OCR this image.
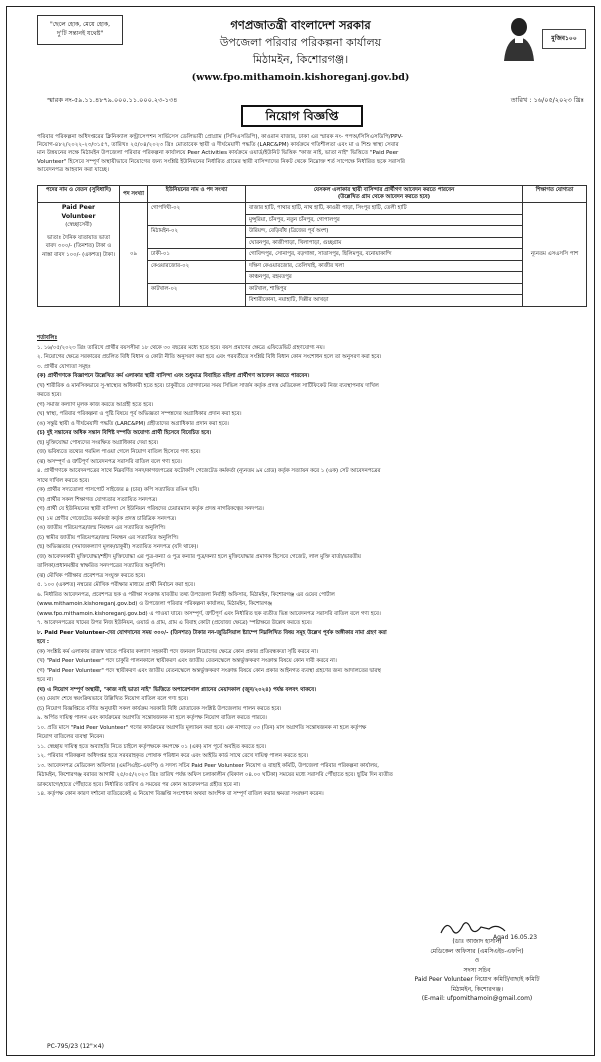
"ছেলে হোক, মেয়ে হোক,
দু'টি সন্তানই যথেষ্ট"
গণপ্রজাতন্ত্রী বাংলাদেশ সরকার
উপজেলা পরিবার পরিকল্পনা কার্যালয়
মিঠামইন, কিশোরগঞ্জ।
(www.fpo.mithamoin.kishoreganj.gov.bd)
মুজিব১০০
স্মারক নং-৫৯.১১.৪৮৭৯.০০০.১১.০০০.২৩-১৩৪	তারিখ : ১৬/০৫/২০২৩ খ্রিঃ
নিয়োগ বিজ্ঞপ্তি
পরিবার পরিকল্পনা অধিদপ্তরের ক্লিনিক্যাল কন্ট্রাসেপশন সার্ভিসেস ডেলিভারী প্রোগ্রাম (সিসিএসডিপি), কাওরান বাজার, ঢাকা এর স্মারক নং- পপঅ/সিসিএসডিপি/PPV-
নিয়োগ-৪৮২/২০২২-২৩/৩১৫৭, তারিখঃ ২৫/০৪/২০২৩ খ্রিঃ মোতাবেক স্থায়ী ও দীর্ঘমেয়াদী পদ্ধতি (LARC&PM) কার্যক্রমে গতিশীলতা এবং মা ও শিশু স্বাস্থ্য সেবার
মান উন্নয়নের লক্ষে মিঠামইন উপজেলা পরিবার পরিকল্পনা কার্যালয়ে Peer Activities কার্যক্রমে ওয়ার্ড/ইউনিট ভিত্তিক "কাজ নাই, ভাতা নাই" ভিত্তিতে "Paid Peer
Volunteer" হিসেবে সম্পূর্ণ অস্থায়ীভাবে নিয়োগের জন্য সংশ্লিষ্ট ইউনিয়নের নির্ধারিত গ্রামের স্থায়ী বাসিন্দাদের নিকট থেকে নিম্নোক্ত শর্ত সাপেক্ষে নির্ধারিত ছকে সরাসরি
আবেদনপত্র আহবান করা যাচ্ছে।
পদের নাম ও বেতন (সুবিধাদি)	পদ সংখ্যা	ইউনিয়নের নাম ও পদ সংখ্যা	যেসকল এলাকার স্থায়ী বাসিন্দার প্রার্থীগণ আবেদন করতে পারবেন
(উল্লেখিত গ্রাম থেকে আবেদন করতে হবে)	শিক্ষাগত যোগ্যতা

Paid Peer
Volunteer
(স্বেচ্ছাসেবী)
ভাতাঃ দৈনিক যাতায়াত ভাতা বাবদ ৩০০/- (তিনশত) টাকা ও নাস্তা বাবদ ১০০/- (একশত) টাকা।	০৯	গোপদিঘী-০২	বাজার হাটি, পাথার হাটি, নাথ হাটি, কাওরী পাড়া, সিংপুর হাটি, তেলী হাটি	ন্যূনতম এসএসসি পাশ
			মুন্সুরিয়া, চাঁনপুর, নতুন চাঁনপুর, গোপালপুর	
		মিঠামইন-০২	উরিয়ন্দ, বেড়িবাঁধ (ব্রিজের পূর্ব অংশ)	
			ঘোরনপুর, কাজীপাড়া, খিলাপাড়া, গুচ্ছগ্রাম	
		ঢাকী-০১	গোবিন্দপুর, সোনাপুর, বড়গাঙ্গা, সাতাসপুর, ছিলিমপুর, বনোয়াকান্দি	
		কেওয়ারজোর-০২	দক্ষিণ কেওয়ারজোর, তেলিখাই, কাজীর খলা	
			কাঞ্চনপুর, রহমতপুর	
		কাটখাল-০২	কাটখাল, শান্তিপুর	
			বিশারীকোনা, নয়াহাটি, দিল্লীর আখড়া	

শর্তাবলিঃ

১. ১৬/০৫/২০২৩ খ্রিঃ তারিখে প্রার্থীর বয়সসীমা ১৮ থেকে ৩০ বছরের মধ্যে হতে হবে। বয়স প্রমাণের ক্ষেত্রে এফিডেভিট গ্রহণযোগ্য নয়।

২. নিয়োগের ক্ষেত্রে সরকারের প্রচলিত বিধি বিধান ও কোটা নীতি অনুসরণ করা হবে এবং পরবর্তীতে সংশ্লিষ্ট বিধি বিধান কোন সংশোধন হলে তা অনুসরণ করা হবে।

৩. প্রার্থীর যোগ্যতা সমূহঃ

(ক) প্রার্থীগণকে বিজ্ঞাপনে উল্লেখিত কর্ম এলাকার স্থায়ী বাসিন্দা এবং শুধুমাত্র বিবাহিত মহিলা প্রার্থীগণ আবেদন করতে পারবেন।

(খ) শারীরিক ও মানসিকভাবে সু-স্বাস্থ্যের অধিকারী হতে হবে। চাকুরীতে যোগদানের সময় সিভিল সার্জন কর্তৃক প্রদত্ত মেডিকেল সার্টিফিকেট নিজ ব্যবস্থাপনায় দাখিল

করতে হবে।

(গ) সমাজ কল্যাণ মূলক কাজ করতে আগ্রহী হতে হবে।

(ঘ) স্বাস্থ্য, পরিবার পরিকল্পনা ও পুষ্টি বিষয়ে পূর্ব অভিজ্ঞতা সম্পন্নদের অগ্রাধিকার প্রদান করা হবে।

(ঙ) সন্তুষ্ট স্থায়ী ও দীর্ঘমেয়াদী পদ্ধতি (LARC&PM) গ্রহীতাদের অগ্রাধিকার প্রদান করা হবে।

(চ) দুই সন্তানের অধিক সন্তান বিশিষ্ট দম্পতি অযোগ্য প্রার্থী হিসেবে বিবেচিত হবে।

(ছ) মুক্তিযোদ্ধা পোষ্যদের সংরক্ষিত অগ্রাধিকার দেয়া হবে।

(জ) ভবিষ্যতে তথ্যের গরমিল পাওয়া গেলে নিয়োগ বাতিল হিসেবে গণ্য হবে।

(ঝ) অসম্পূর্ণ ও ত্রুটিপূর্ণ আবেদনপত্র সরাসরি বাতিল বলে গণ্য হবে।

৪. প্রার্থীগণকে আবেদনপত্রের সাথে নিম্নবর্ণিত সনদ/কাগজপত্রের ফটোকপি গেজেটেড কর্মকর্তা (ন্যূনতম ৯ম গ্রেড) কর্তৃক সত্যায়ন করে ১ (এক) সেট আবেদনপত্রের

সাথে দাখিল করতে হবে।

(ক) প্রার্থীর সদ্যতোলা পাসপোর্ট সাইজের ৪ (চার) কপি সত্যায়িত রঙিন ছবি।

(খ) প্রার্থীর সকল শিক্ষাগত যোগ্যতার সত্যায়িত সনদপত্র।

(গ) প্রার্থী যে ইউনিয়নের স্থায়ী বাসিন্দা সে ইউনিয়ন পরিষদের চেয়ারম্যান কর্তৃক প্রদত্ত নাগরিকত্বের সনদপত্র।

(ঘ) ১ম শ্রেণীর গেজেটেড কর্মকর্তা কর্তৃক প্রদত্ত চারিত্রিক সনদপত্র।

(ঙ) জাতীয় পরিচয়পত্র/জন্ম নিবন্ধন এর সত্যায়িত অনুলিপি।

(চ) স্বামীর জাতীয় পরিচয়পত্র/জন্ম নিবন্ধন এর সত্যায়িত অনুলিপি।

(ছ) অভিজ্ঞতার (সমাজকল্যাণ মূলক/চাকুরী) সত্যায়িত সনদপত্র (যদি থাকে)।

(জ) আবেদনকারী মুক্তিযোদ্ধা/শহীদ মুক্তিযোদ্ধা এর পুত্র-কন্যা ও পুত্র কন্যার পুত্র/কন্যা হলে মুক্তিযোদ্ধার প্রমাণক হিসেবে গেজেট, লাল মুক্তি বার্তা/ভারতীয়

তালিকা/প্রধানমন্ত্রীর স্বাক্ষরিত সনদপত্রের সত্যায়িত অনুলিপি।

(ঝ) মৌখিক পরীক্ষার প্রবেশপত্র সংযুক্ত করতে হবে।

৫. ১০০ (একশত) নম্বরের মৌখিক পরীক্ষার মাধ্যমে প্রার্থী নির্বাচন করা হবে।

৬. নির্ধারিত আবেদনপত্র, প্রবেশপত্র ছক ও পরীক্ষা সংক্রান্ত যাবতীয় তথ্য উপজেলা নির্বাহী অফিসার, মিঠামইন, কিশোরগঞ্জ এর ওয়েব পোর্টাল

(www.mithamoin.kishoreganj.gov.bd) ও উপজেলা পরিবার পরিকল্পনা কার্যালয়, মিঠামইন, কিশোরগঞ্জ

(www.fpo.mithamoin.kishoreganj.gov.bd) এ পাওয়া যাবে। অসম্পূর্ণ, ত্রুটিপূর্ণ এবং নির্ধারিত ছক ব্যতীত ভিন্ন আবেদনপত্র সরাসরি বাতিল বলে গণ্য হবে।

৭. আবেদনপত্রের খামের উপর নিজ ইউনিয়ন, ওয়ার্ড ও গ্রাম, গ্রাম এ বিবাহ কোটা (প্রযোজ্য ক্ষেত্রে) স্পষ্টাক্ষরে উল্লেখ করতে হবে।

৮. Paid Peer Volunteer-দের যোগদানের সময় ৩০০/- (তিনশত) টাকার নন-জুডিসিয়াল ষ্ট্যাম্পে নিম্নলিখিত বিষয় সমূহ উল্লেখ পূর্বক অঙ্গীকার নামা গ্রহণ করা

হবে :

(ক) সংশ্লিষ্ট কর্ম এলাকায় রাজস্ব খাতে পরিবার কল্যাণ সহকারী পদে জনবল নিয়োগের ক্ষেত্রে কোন প্রকার প্রতিবন্ধকতা সৃষ্টি করবে না।

(খ) "Paid Peer Volunteer" পদে চাকুরি পালনকালে স্থায়ীকরণ এবং জাতীয় বেতনস্কেলে অন্তর্ভুক্তকরণ সংক্রান্ত বিষয়ে কোন দাবী করবে না।

(গ) "Paid Peer Volunteer" পদে স্থায়ীকরণ এবং জাতীয় বেতনস্কেলে অন্তর্ভুক্তকরণ সংক্রান্ত বিষয়ে কোন প্রকার আইনগত ব্যবস্থা গ্রহণের জন্য আদালতের দ্বারস্থ

হবে না।

(ঘ) এ নিয়োগ সম্পূর্ণ অস্থায়ী, "কাজ নাই ভাতা নাই" ভিত্তিতে অপারেশনাল প্ল্যানের মেয়াদকাল (জুন/২০২৪) পর্যন্ত বলবৎ থাকবে।

(ঙ) মেয়াদ শেষে স্বয়ংক্রিয়ভাবে উল্লিখিত নিয়োগ বাতিল বলে গণ্য হবে।

(চ) নিয়োগ বিজ্ঞপ্তিতে বর্ণিত অনুযায়ী সকল কার্যক্রম সরকারি বিধি মোতাবেক সংশ্লিষ্ট উপজেলায় পালন করতে হবে।

৯. অর্পিত দায়িত্ব পালন এবং কার্যক্রমের অগ্রগতি সন্তোষজনক না হলে কর্তৃপক্ষ নিয়োগ বাতিল করতে পারবে।

১০. প্রতি মাসে "Paid Peer Volunteer" গণের কার্যক্রমের অগ্রগতি মূল্যায়ন করা হবে। এক নাগাড়ে ০৩ (তিন) মাস অগ্রগতি সন্তোষজনক না হলে কর্তৃপক্ষ

নিয়োগ বাতিলের ব্যবস্থা নিবেন।

১১. স্বেচ্ছায় দায়িত্ব হতে অব্যাহতি নিতে চাইলে কর্তৃপক্ষকে কমপক্ষে ০১ (এক) মাস পূর্বে অবহিত করতে হবে।

১২. পরিবার পরিকল্পনা অধিদপ্তর হতে সরবরাহকৃত পোষাক পরিধান করে এবং আইডি কার্ড সাথে রেখে দায়িত্ব পালন করতে হবে।

১৩. আবেদনপত্র মেডিকেল অফিসার (এমসিএইচ-এফপি) ও সদস্য সচিব Paid Peer Volunteer নিয়োগ ও বাছাই কমিটি, উপজেলা পরিবার পরিকল্পনা কার্যালয়,

মিঠামইন, কিশোরগঞ্জ বরাবর আগামী ২৫/০৫/২০২৩ খ্রিঃ তারিখ পর্যন্ত অফিস চলাকালীন (বিকাল ০৪.০০ ঘটিকা) সময়ের মধ্যে সরাসরি পৌঁছাতে হবে। ছুটির দিন ব্যতীত

ডাকযোগে/হাতে পৌঁছাতে হবে। নির্ধারিত তারিখ ও সময়ের পর কোন আবেদনপত্র গ্রহীত হবে না।

১৪. কর্তৃপক্ষ কোন কারণ দর্শানো ব্যতিরেকেই এ নিয়োগ বিজ্ঞপ্তি সংশোধন অথবা আংশিক বা সম্পূর্ণ বাতিল করার ক্ষমতা সংরক্ষণ করেন।

Agad 16.05.23
(ডাঃ আজাদ হাসান)
মেডিকেল অফিসার (এমসিএইচ-এফপি)
ও
সদস্য সচিব
Paid Peer Volunteer নিয়োগ কমিটি/বাছাই কমিটি
মিঠামইন, কিশোরগঞ্জ।
(E-mail: ufpomithamoin@gmail.com)
PC-795/23 (12"×4)
